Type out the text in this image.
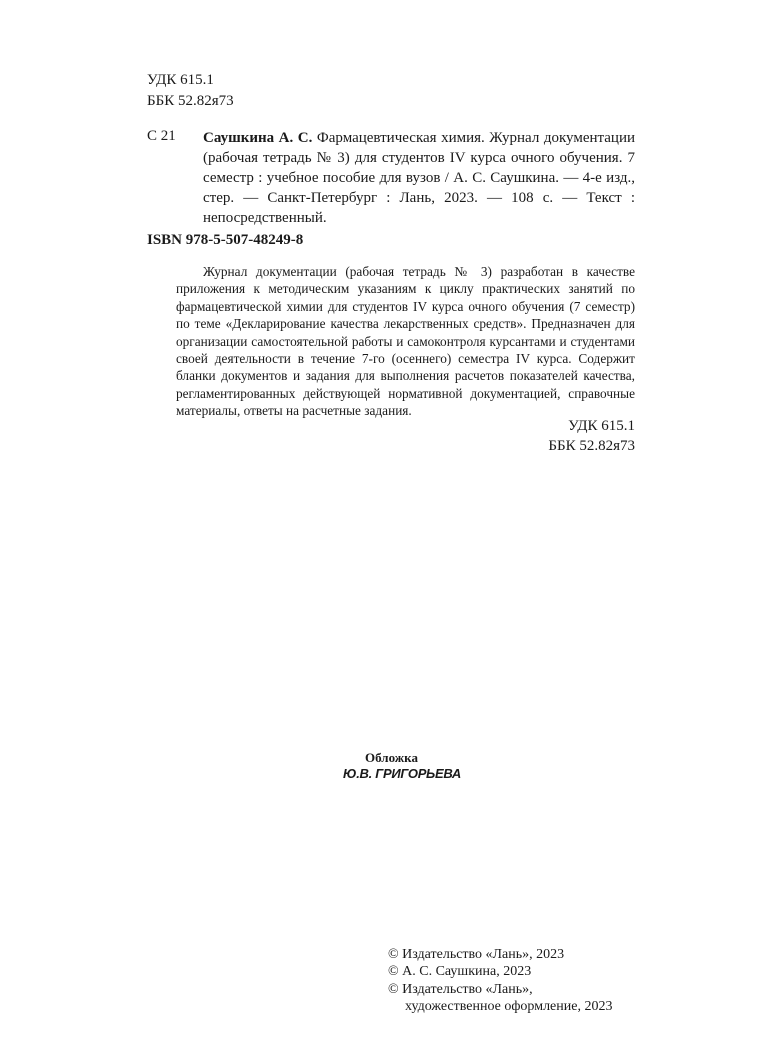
УДК 615.1
ББК 52.82я73
С 21 Саушкина А. С. Фармацевтическая химия. Журнал документации (рабочая тетрадь № 3) для студентов IV курса очного обучения. 7 семестр : учебное пособие для вузов / А. С. Саушкина. — 4-е изд., стер. — Санкт-Петербург : Лань, 2023. — 108 с. — Текст : непосредственный.
ISBN 978-5-507-48249-8
Журнал документации (рабочая тетрадь № 3) разработан в качестве приложения к методическим указаниям к циклу практических занятий по фармацевтической химии для студентов IV курса очного обучения (7 семестр) по теме «Декларирование качества лекарственных средств». Предназначен для организации самостоятельной работы и самоконтроля курсантами и студентами своей деятельности в течение 7-го (осеннего) семестра IV курса. Содержит бланки документов и задания для выполнения расчетов показателей качества, регламентированных действующей нормативной документацией, справочные материалы, ответы на расчетные задания.
УДК 615.1
ББК 52.82я73
Обложка
Ю.В. ГРИГОРЬЕВА
© Издательство «Лань», 2023
© А. С. Саушкина, 2023
© Издательство «Лань»,
художественное оформление, 2023
